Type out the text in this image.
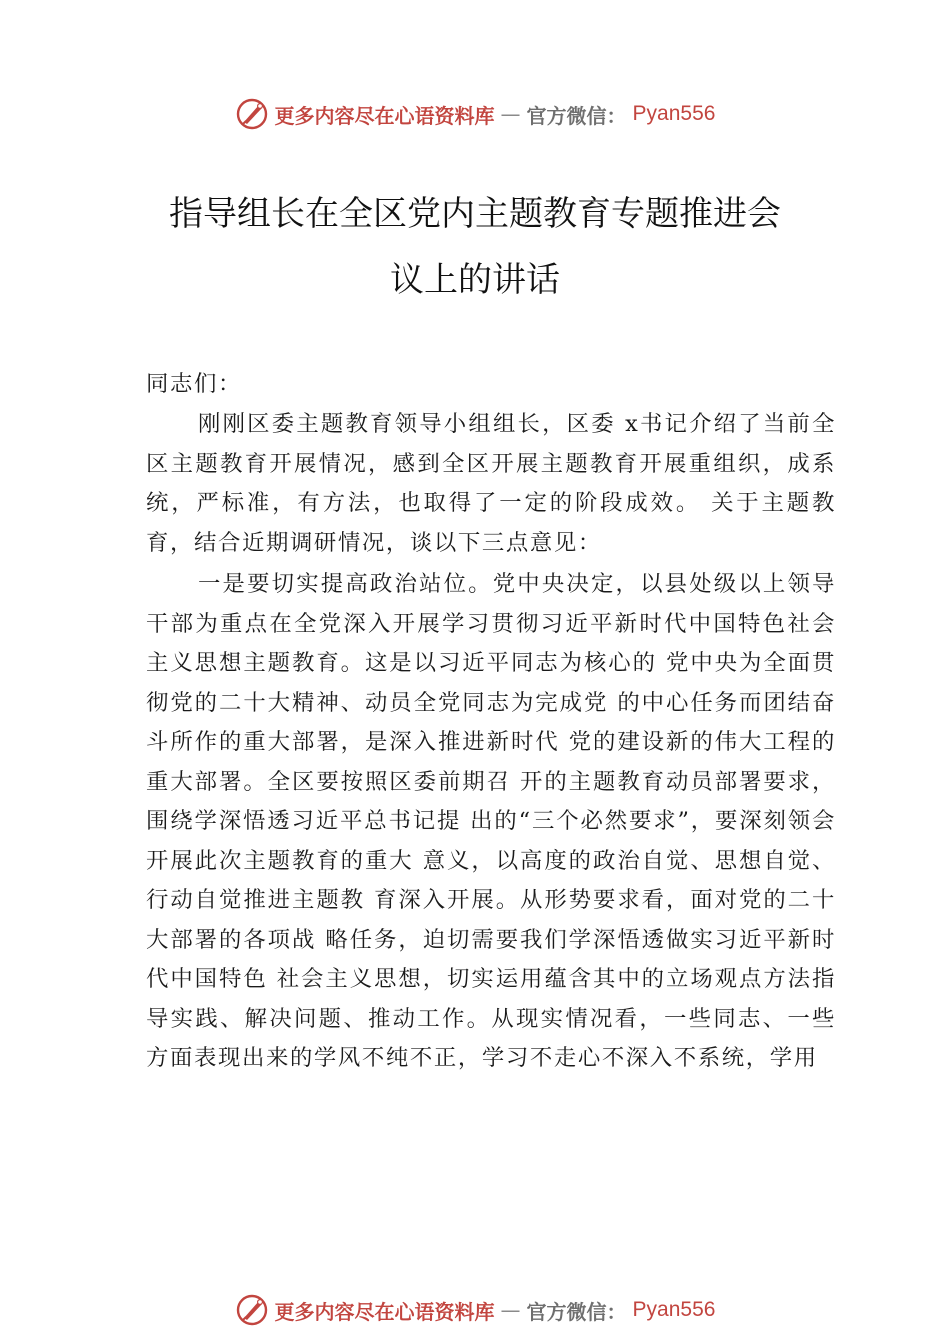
更多内容尽在心语资料库 — 官方微信： Pyan556
指导组长在全区党内主题教育专题推进会
议上的讲话
同志们：

刚刚区委主题教育领导小组组长，区委 x书记介绍了当前全区主题教育开展情况，感到全区开展主题教育开展重组织，成系统，严标准，有方法，也取得了一定的阶段成效。 关于主题教育，结合近期调研情况，谈以下三点意见：

一是要切实提高政治站位。党中央决定，以县处级以上领导干部为重点在全党深入开展学习贯彻习近平新时代中国特色社会主义思想主题教育。这是以习近平同志为核心的 党中央为全面贯彻党的二十大精神、动员全党同志为完成党 的中心任务而团结奋斗所作的重大部署，是深入推进新时代 党的建设新的伟大工程的重大部署。全区要按照区委前期召 开的主题教育动员部署要求，围绕学深悟透习近平总书记提 出的“三个必然要求”，要深刻领会开展此次主题教育的重大 意义，以高度的政治自觉、思想自觉、行动自觉推进主题教 育深入开展。从形势要求看，面对党的二十大部署的各项战 略任务，迫切需要我们学深悟透做实习近平新时代中国特色 社会主义思想，切实运用蕴含其中的立场观点方法指导实践、解决问题、推动工作。从现实情况看，一些同志、一些方面表现出来的学风不纯不正，学习不走心不深入不系统，学用

更多内容尽在心语资料库 — 官方微信： Pyan556
